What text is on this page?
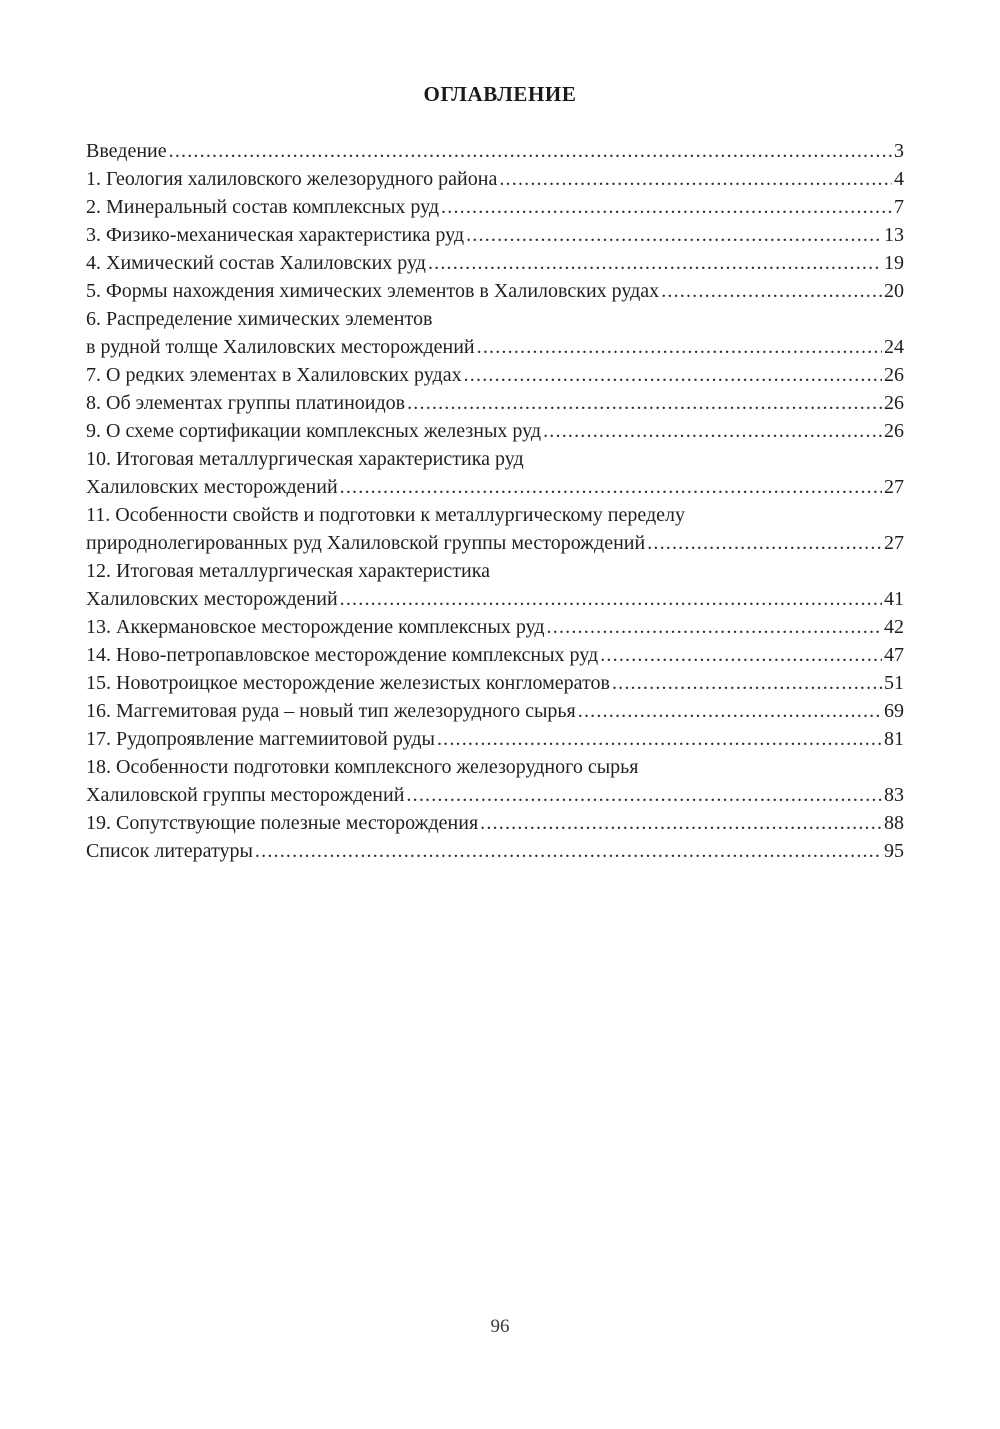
ОГЛАВЛЕНИЕ
Введение .....	3
1. Геология халиловского железорудного района .....	4
2. Минеральный состав комплексных руд .....	7
3. Физико-механическая характеристика руд .....	13
4. Химический состав Халиловских руд .....	19
5. Формы нахождения химических элементов в Халиловских рудах .....	20
6. Распределение химических элементов
в рудной толще Халиловских месторождений .....	24
7. О редких элементах в Халиловских рудах .....	26
8. Об элементах группы платиноидов .....	26
9. О схеме сортификации комплексных железных руд .....	26
10. Итоговая металлургическая характеристика руд
Халиловских месторождений .....	27
11. Особенности свойств и подготовки к металлургическому переделу
природнолегированных руд Халиловской группы месторождений .....	27
12. Итоговая металлургическая характеристика
Халиловских месторождений .....	41
13. Аккермановское месторождение комплексных руд .....	42
14. Ново-петропавловское месторождение комплексных руд .....	47
15. Новотроицкое месторождение железистых конгломератов .....	51
16. Маггемитовая руда – новый тип железорудного сырья .....	69
17. Рудопроявление маггемиитовой руды .....	81
18. Особенности подготовки комплексного железорудного сырья
Халиловской группы месторождений .....	83
19. Сопутствующие полезные месторождения .....	88
Список литературы .....	95
96
